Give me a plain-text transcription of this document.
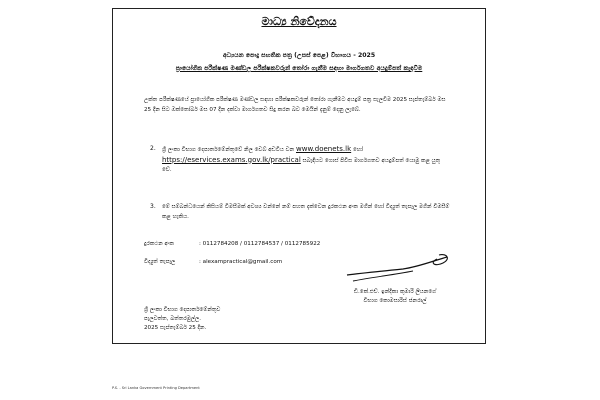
මාධ්‍ය නිවේදනය
අධ්‍යයන පොදු සහතික පත්‍ර (උසස් පෙළ) විභාගය - 2025
ප්‍රායෝගික පරීක්ෂණ මණ්ඩල පරීක්ෂකවරුන් තෝරා ගැනීම සඳහා මාර්ගගතව අයදුම්පත් කැඳවීම
උක්ත පරීක්ෂණයේ ප්‍රායෝගික පරීක්ෂණ මණ්ඩල සඳහා පරීක්ෂකවරුන් තෝරා ගැනීමට අයදුම් පත්‍ර සැලවීම 2025 සැප්තැම්බර් මස 25 දින සිට ඔක්තෝබර් මස 07 දින දක්වා මාර්ගගතව සිදු කරන බව මෙයින් දැනුම් දෙනු ලැබේ.
2. ශ්‍රී ලංකා විභාග දෙපාර්තමේන්තුවේ නිල වෙබ් අඩවිය වන www.doenets.lk හෝ https://eservices.exams.gov.lk/practical සබැඳියට ගොස් පිවිස මාර්ගගතව අයදුම්පත් යොමු කළ යුතු වේ.
3. මේ සම්බන්ධයෙන් කිසියම් විමසීමක් අවශ්‍ය වන්නේ නම් පහත දැක්වෙන දුරකථන අංක මගින් හෝ විද්‍යුත් තැපෑල මගින් විමසීම් කළ හැකිය.
දුරකථන අංක	: 0112784208 / 0112784537 / 0112785922
විද්‍යුත් තැපෑල	: alexampractical@gmail.com
ඩී.කේ.එච්. ඉන්දිකා කුමාරි ලියනගේ
විභාග කොමසාරිස් ජනරාල්
ශ්‍රී ලංකා විභාග දෙපාර්තමේන්තුව
පැලවත්ත, බත්තරමුල්ල.
2025 සැප්තැම්බර් 25 දින.
P.S. - Sri Lanka Government Printing Department
